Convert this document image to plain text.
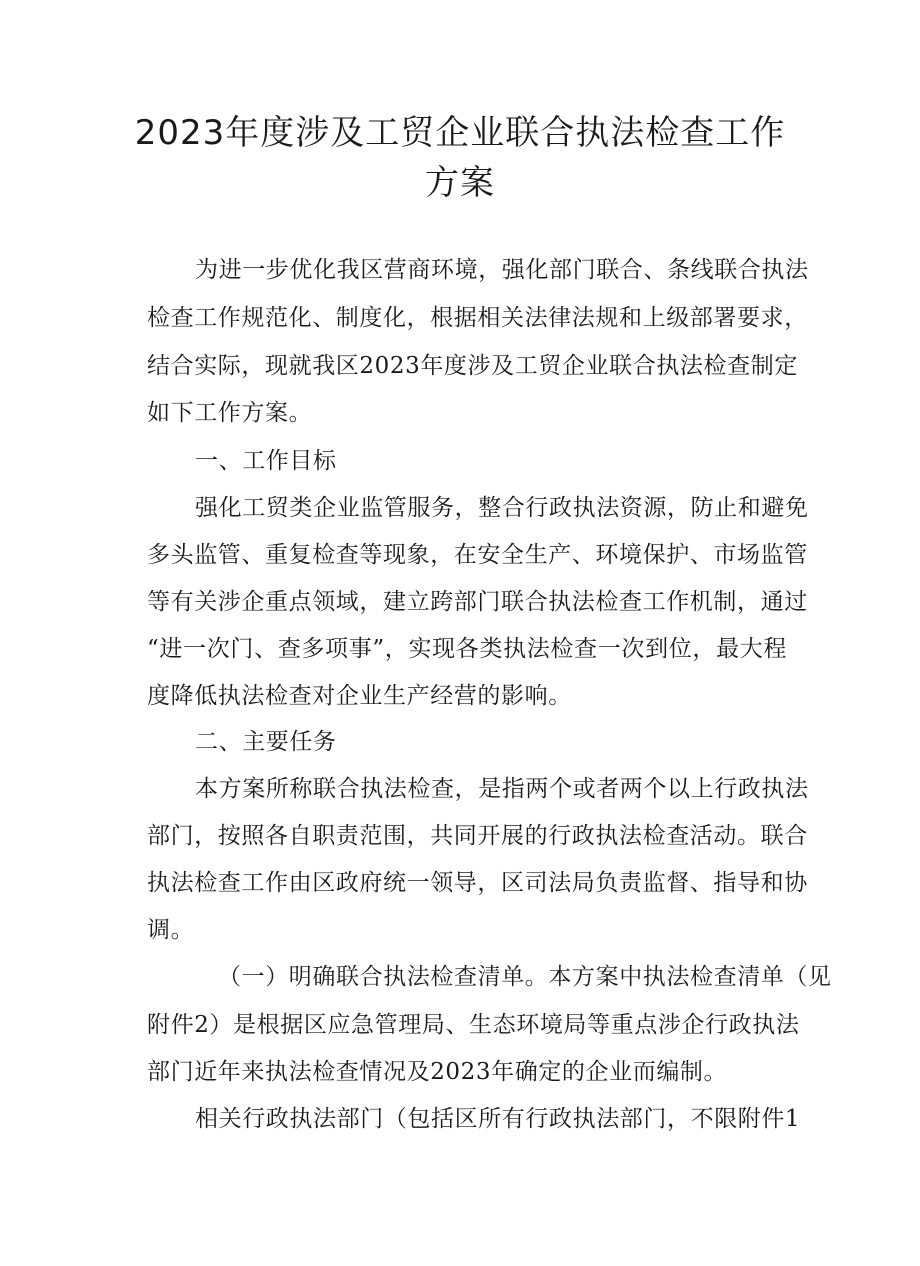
2023年度涉及工贸企业联合执法检查工作
方案
为进一步优化我区营商环境，强化部门联合、条线联合执法
检查工作规范化、制度化，根据相关法律法规和上级部署要求，
结合实际，现就我区2023年度涉及工贸企业联合执法检查制定
如下工作方案。
一、工作目标
强化工贸类企业监管服务，整合行政执法资源，防止和避免
多头监管、重复检查等现象，在安全生产、环境保护、市场监管
等有关涉企重点领域，建立跨部门联合执法检查工作机制，通过
“进一次门、查多项事”，实现各类执法检查一次到位，最大程
度降低执法检查对企业生产经营的影响。
二、主要任务
本方案所称联合执法检查，是指两个或者两个以上行政执法
部门，按照各自职责范围，共同开展的行政执法检查活动。联合
执法检查工作由区政府统一领导，区司法局负责监督、指导和协
调。
（一）明确联合执法检查清单。本方案中执法检查清单（见
附件2）是根据区应急管理局、生态环境局等重点涉企行政执法
部门近年来执法检查情况及2023年确定的企业而编制。
相关行政执法部门（包括区所有行政执法部门，不限附件1
